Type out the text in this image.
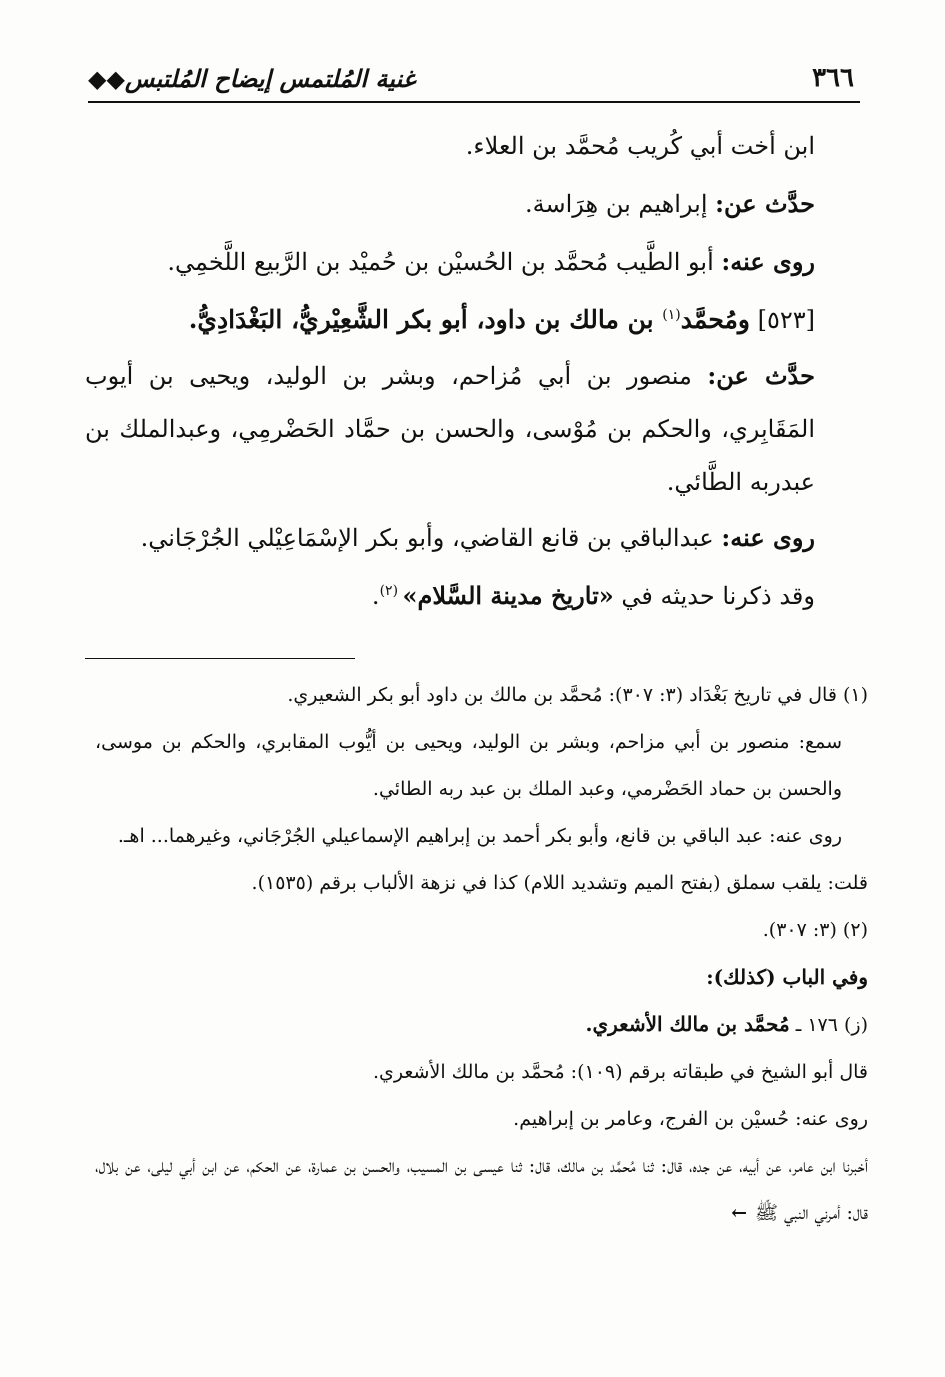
٣٦٦
غنية المُلتمس إيضاح المُلتبس◆◆

ابن أخت أبي كُريب مُحمَّد بن العلاء.

حدَّث عن: إبراهيم بن هِرَاسة.

روى عنه: أبو الطَّيب مُحمَّد بن الحُسيْن بن حُميْد بن الرَّبيع اللَّخمِي.

[٥٢٣] ومُحمَّد$^{(١)}$ بن مالك بن داود، أبو بكر الشَّعِيْريُّ، البَغْدَادِيُّ.

حدَّث عن: منصور بن أبي مُزاحم، وبشر بن الوليد، ويحيى بن أيوب المَقَابِري، والحكم بن مُوْسى، والحسن بن حمَّاد الحَضْرمِي، وعبدالملك بن عبدربه الطَّائي.

روى عنه: عبدالباقي بن قانع القاضي، وأبو بكر الإسْمَاعِيْلي الجُرْجَاني.

وقد ذكرنا حديثه في «تاريخ مدينة السَّلام» $^{(٢)}$.

(١) قال في تاريخ بَغْدَاد (٣: ٣٠٧): مُحمَّد بن مالك بن داود أبو بكر الشعيري.

سمع: منصور بن أبي مزاحم، وبشر بن الوليد، ويحيى بن أيُّوب المقابري، والحكم بن موسى، والحسن بن حماد الحَضْرمي، وعبد الملك بن عبد ربه الطائي.

روى عنه: عبد الباقي بن قانع، وأبو بكر أحمد بن إبراهيم الإسماعيلي الجُرْجَاني، وغيرهما... اهـ.

قلت: يلقب سملق (بفتح الميم وتشديد اللام) كذا في نزهة الألباب برقم (١٥٣٥).

(٢) (٣: ٣٠٧).

وفي الباب (كذلك):

(ز) ١٧٦ ـ مُحمَّد بن مالك الأشعري.

قال أبو الشيخ في طبقاته برقم (١٠٩): مُحمَّد بن مالك الأشعري.

روى عنه: حُسيْن بن الفرج، وعامر بن إبراهيم.

أخبرنا ابن عامر، عن أبيه، عن جده، قال: ثنا مُحمَّد بن مالك، قال: ثنا عيسى بن المسيب، والحسن بن عمارة، عن الحكم، عن ابن أبي ليلى، عن بلال، قال: أمرني النبي ﷺ←
